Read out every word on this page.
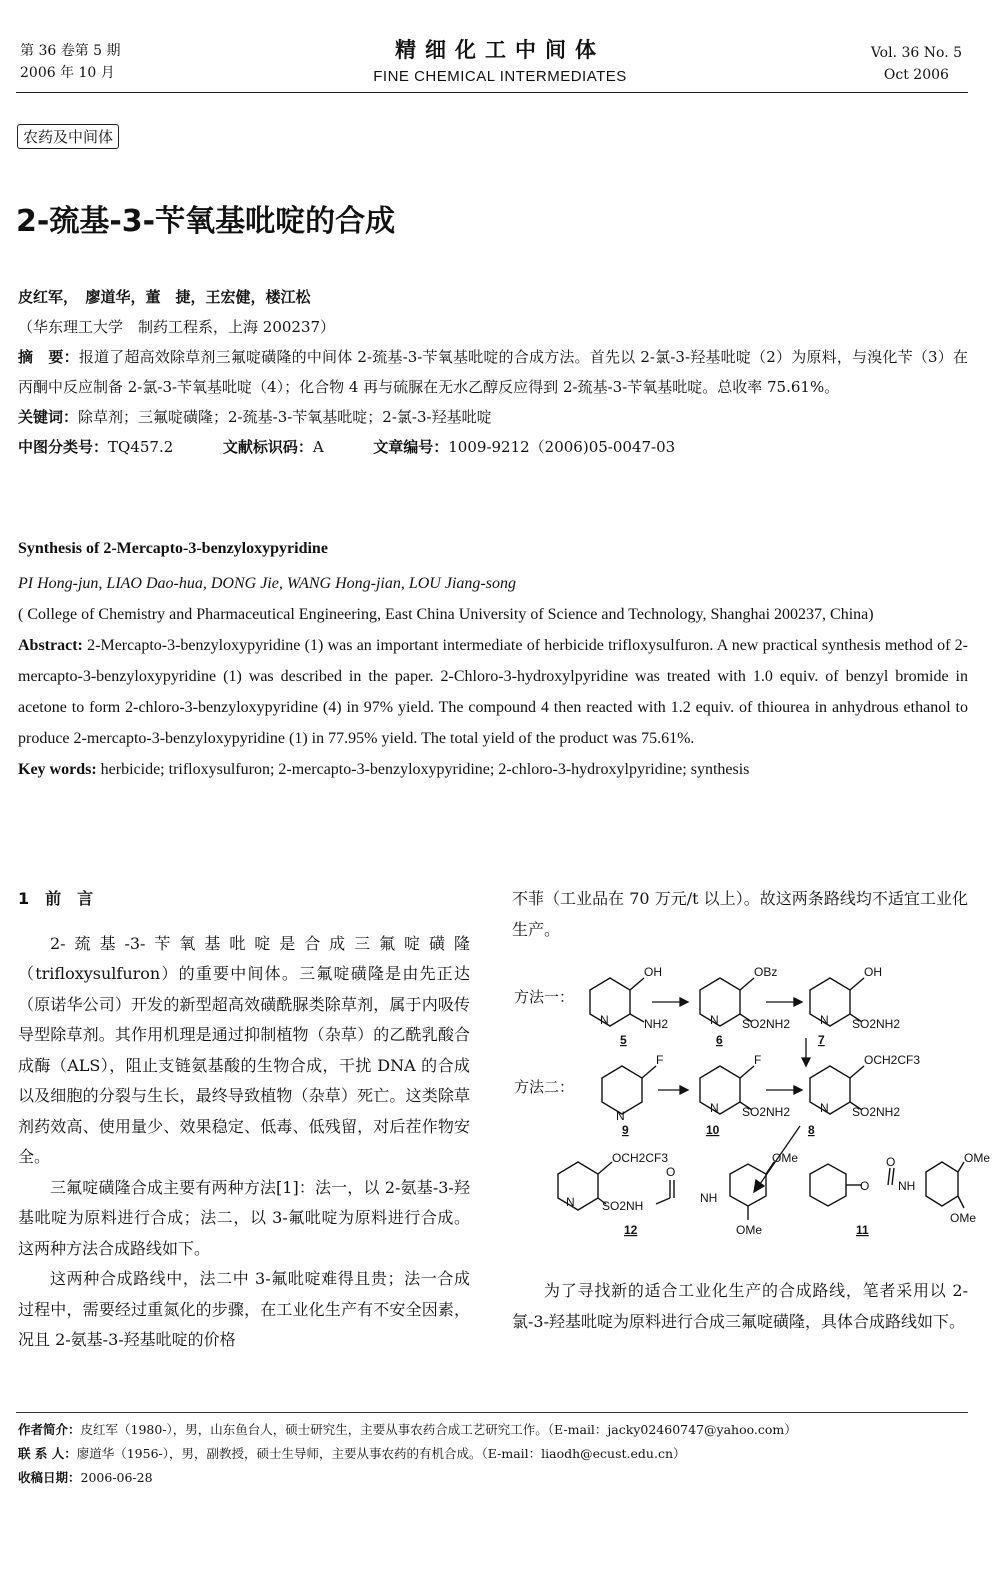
第 36 卷第 5 期
2006 年 10 月
精细化工中间体
FINE CHEMICAL INTERMEDIATES
Vol. 36 No. 5
Oct 2006
农药及中间体
2-巯基-3-苄氧基吡啶的合成
皮红军，　廖道华，董　捷，王宏健，楼江松
（华东理工大学　制药工程系，上海 200237）
摘　要：报道了超高效除草剂三氟啶磺隆的中间体 2-巯基-3-苄氧基吡啶的合成方法。首先以 2-氯-3-羟基吡啶（2）为原料，与溴化苄（3）在丙酮中反应制备 2-氯-3-苄氧基吡啶（4）；化合物 4 再与硫脲在无水乙醇反应得到 2-巯基-3-苄氧基吡啶。总收率 75.61%。
关键词：除草剂；三氟啶磺隆；2-巯基-3-苄氧基吡啶；2-氯-3-羟基吡啶
中图分类号：TQ457.2	文献标识码：A	文章编号：1009-9212（2006)05-0047-03
Synthesis of 2-Mercapto-3-benzyloxypyridine
PI Hong-jun, LIAO Dao-hua, DONG Jie, WANG Hong-jian, LOU Jiang-song
( College of Chemistry and Pharmaceutical Engineering, East China University of Science and Technology, Shanghai 200237, China)
Abstract: 2-Mercapto-3-benzyloxypyridine (1) was an important intermediate of herbicide trifloxysulfuron. A new practical synthesis method of 2-mercapto-3-benzyloxypyridine (1) was described in the paper. 2-Chloro-3-hydroxylpyridine was treated with 1.0 equiv. of benzyl bromide in acetone to form 2-chloro-3-benzyloxypyridine (4) in 97% yield. The compound 4 then reacted with 1.2 equiv. of thiourea in anhydrous ethanol to produce 2-mercapto-3-benzyloxypyridine (1) in 77.95% yield. The total yield of the product was 75.61%.
Key words: herbicide; trifloxysulfuron; 2-mercapto-3-benzyloxypyridine; 2-chloro-3-hydroxylpyridine; synthesis
1　前　言

2-巯基-3-苄氧基吡啶是合成三氟啶磺隆（trifloxysulfuron）的重要中间体。三氟啶磺隆是由先正达（原诺华公司）开发的新型超高效磺酰脲类除草剂，属于内吸传导型除草剂。其作用机理是通过抑制植物（杂草）的乙酰乳酸合成酶（ALS），阻止支链氨基酸的生物合成，干扰 DNA 的合成以及细胞的分裂与生长，最终导致植物（杂草）死亡。这类除草剂药效高、使用量少、效果稳定、低毒、低残留，对后茬作物安全。

三氟啶磺隆合成主要有两种方法[1]：法一，以 2-氨基-3-羟基吡啶为原料进行合成；法二，以 3-氟吡啶为原料进行合成。这两种方法合成路线如下。

这两种合成路线中，法二中 3-氟吡啶难得且贵；法一合成过程中，需要经过重氮化的步骤，在工业化生产有不安全因素，况且 2-氨基-3-羟基吡啶的价格

不菲（工业品在 70 万元/t 以上）。故这两条路线均不适宜工业化生产。
方法一：
方法二：
OH
NH2
N
OBz
SO2NH2
N
OH
SO2NH2
N
F
N
F
SO2NH2
N
OCH2CF3
SO2NH2
N
OCH2CF3
SO2NH
O
NH
N
OMe
OMe
O
O
NH
OMe
OMe
5	6	7
9	10	8
12	11

为了寻找新的适合工业化生产的合成路线，笔者采用以 2-氯-3-羟基吡啶为原料进行合成三氟啶磺隆，具体合成路线如下。

作者简介：皮红军（1980-），男，山东鱼台人，硕士研究生，主要从事农药合成工艺研究工作。（E-mail：jacky02460747@yahoo.com）
联 系 人：廖道华（1956-），男，副教授，硕士生导师，主要从事农药的有机合成。（E-mail：liaodh@ecust.edu.cn）
收稿日期：2006-06-28
